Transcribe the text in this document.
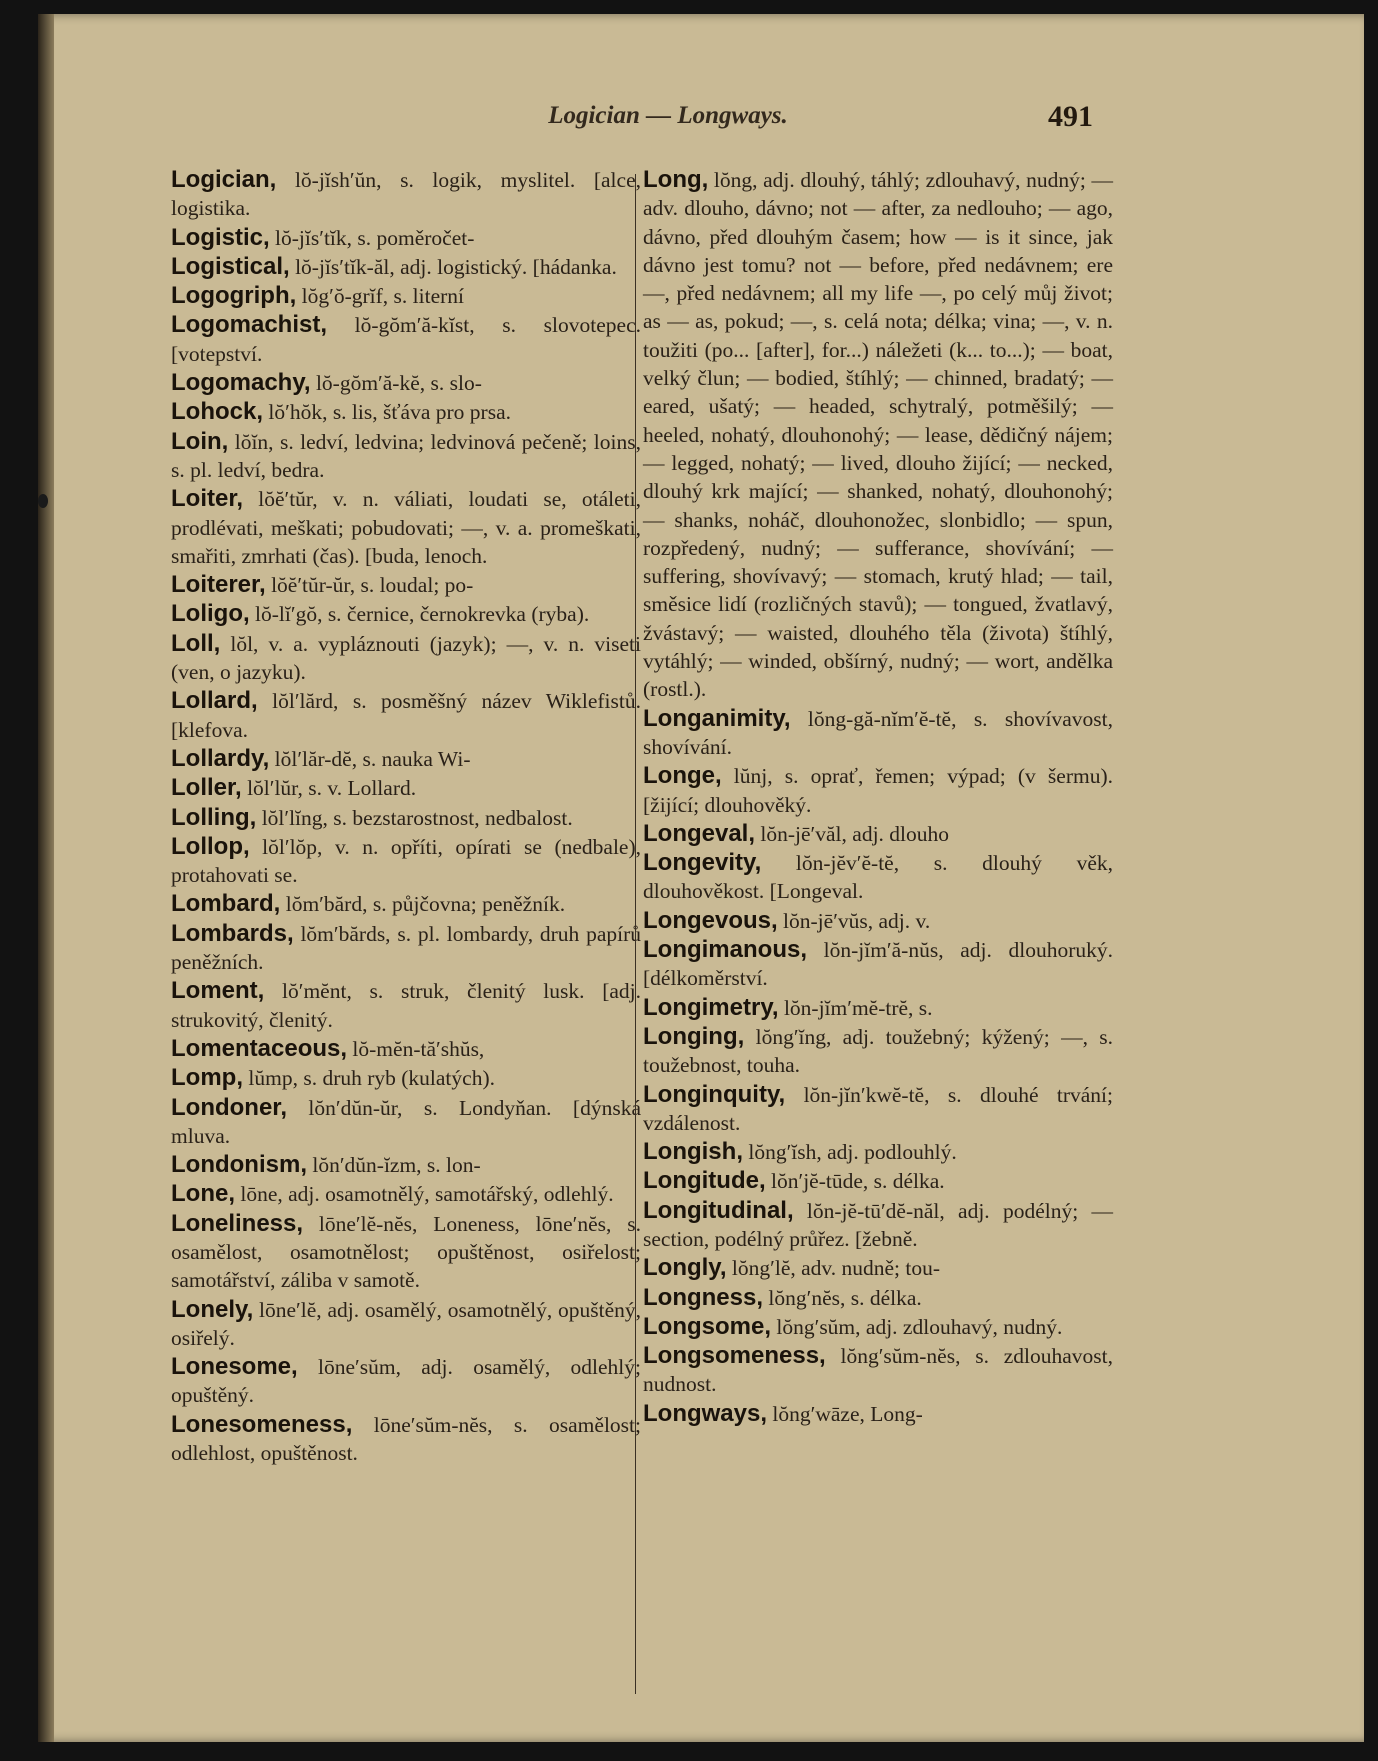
Logician — Longways.	491
Logician, lŏ-jĭsh′ŭn, s. logik, myslitel. [alce, logistika.
Logistic, lŏ-jĭs′tĭk, s. poměročet-
Logistical, lŏ-jĭs′tĭk-ăl, adj. logistický. [hádanka.
Logogriph, lŏg′ŏ-grĭf, s. literní
Logomachist, lŏ-gŏm′ă-kĭst, s. slovotepec. [votepství.
Logomachy, lŏ-gŏm′ă-kĕ, s. slo-
Lohock, lŏ′hŏk, s. lis, šťáva pro prsa.
Loin, lŏĭn, s. ledví, ledvina; ledvinová pečeně; loins, s. pl. ledví, bedra.
Loiter, lŏĕ′tŭr, v. n. váliati, loudati se, otáleti, prodlévati, meškati; pobudovati; —, v. a. promeškati, smařiti, zmrhati (čas). [buda, lenoch.
Loiterer, lŏĕ′tŭr-ŭr, s. loudal; po-
Loligo, lŏ-lĭ′gŏ, s. černice, černokrevka (ryba).
Loll, lŏl, v. a. vypláznouti (jazyk); —, v. n. viseti (ven, o jazyku).
Lollard, lŏl′lărd, s. posměšný název Wiklefistů. [klefova.
Lollardy, lŏl′lăr-dĕ, s. nauka Wi-
Loller, lŏl′lŭr, s. v. Lollard.
Lolling, lŏl′lĭng, s. bezstarostnost, nedbalost.
Lollop, lŏl′lŏp, v. n. opříti, opírati se (nedbale), protahovati se.
Lombard, lŏm′bărd, s. půjčovna; peněžník.
Lombards, lŏm′bărds, s. pl. lombardy, druh papírů peněžních.
Loment, lŏ′mĕnt, s. struk, členitý lusk. [adj. strukovitý, členitý.
Lomentaceous, lŏ-mĕn-tă′shŭs,
Lomp, lŭmp, s. druh ryb (kulatých).
Londoner, lŏn′dŭn-ŭr, s. Londyňan. [dýnská mluva.
Londonism, lŏn′dŭn-ĭzm, s. lon-
Lone, lōne, adj. osamotnělý, samotářský, odlehlý.
Loneliness, lōne′lĕ-nĕs, Loneness, lōne′nĕs, s. osamělost, osamotnělost; opuštěnost, osiřelost; samotářství, záliba v samotě.
Lonely, lōne′lĕ, adj. osamělý, osamotnělý, opuštěný, osiřelý.
Lonesome, lōne′sŭm, adj. osamělý, odlehlý; opuštěný.
Lonesomeness, lōne′sŭm-nĕs, s. osamělost; odlehlost, opuštěnost.
Long, lŏng, adj. dlouhý, táhlý; zdlouhavý, nudný; — adv. dlouho, dávno; not — after, za nedlouho; — ago, dávno, před dlouhým časem; how — is it since, jak dávno jest tomu? not — before, před nedávnem; ere —, před nedávnem; all my life —, po celý můj život; as — as, pokud; —, s. celá nota; délka; vina; —, v. n. toužiti (po... [after], for...) náležeti (k... to...); — boat, velký člun; — bodied, štíhlý; — chinned, bradatý; — eared, ušatý; — headed, schytralý, potměšilý; — heeled, nohatý, dlouhonohý; — lease, dědičný nájem; — legged, nohatý; — lived, dlouho žijící; — necked, dlouhý krk mající; — shanked, nohatý, dlouhonohý; — shanks, noháč, dlouhonožec, slonbidlo; — spun, rozpředený, nudný; — sufferance, shovívání; — suffering, shovívavý; — stomach, krutý hlad; — tail, směsice lidí (rozličných stavů); — tongued, žvatlavý, žvástavý; — waisted, dlouhého těla (života) štíhlý, vytáhlý; — winded, obšírný, nudný; — wort, andělka (rostl.).
Longanimity, lŏng-gă-nĭm′ĕ-tĕ, s. shovívavost, shovívání.
Longe, lŭnj, s. oprať, řemen; výpad; (v šermu). [žijící; dlouhověký.
Longeval, lŏn-jē′văl, adj. dlouho
Longevity, lŏn-jĕv′ĕ-tĕ, s. dlouhý věk, dlouhověkost. [Longeval.
Longevous, lŏn-jē′vŭs, adj. v.
Longimanous, lŏn-jĭm′ă-nŭs, adj. dlouhoruký. [délkoměrství.
Longimetry, lŏn-jĭm′mĕ-trĕ, s.
Longing, lŏng′ĭng, adj. toužebný; kýžený; —, s. toužebnost, touha.
Longinquity, lŏn-jĭn′kwĕ-tĕ, s. dlouhé trvání; vzdálenost.
Longish, lŏng′ĭsh, adj. podlouhlý.
Longitude, lŏn′jĕ-tūde, s. délka.
Longitudinal, lŏn-jĕ-tū′dĕ-năl, adj. podélný; — section, podélný průřez. [žebně.
Longly, lŏng′lĕ, adv. nudně; tou-
Longness, lŏng′nĕs, s. délka.
Longsome, lŏng′sŭm, adj. zdlouhavý, nudný.
Longsomeness, lŏng′sŭm-nĕs, s. zdlouhavost, nudnost.
Longways, lŏng′wāze, Long-
